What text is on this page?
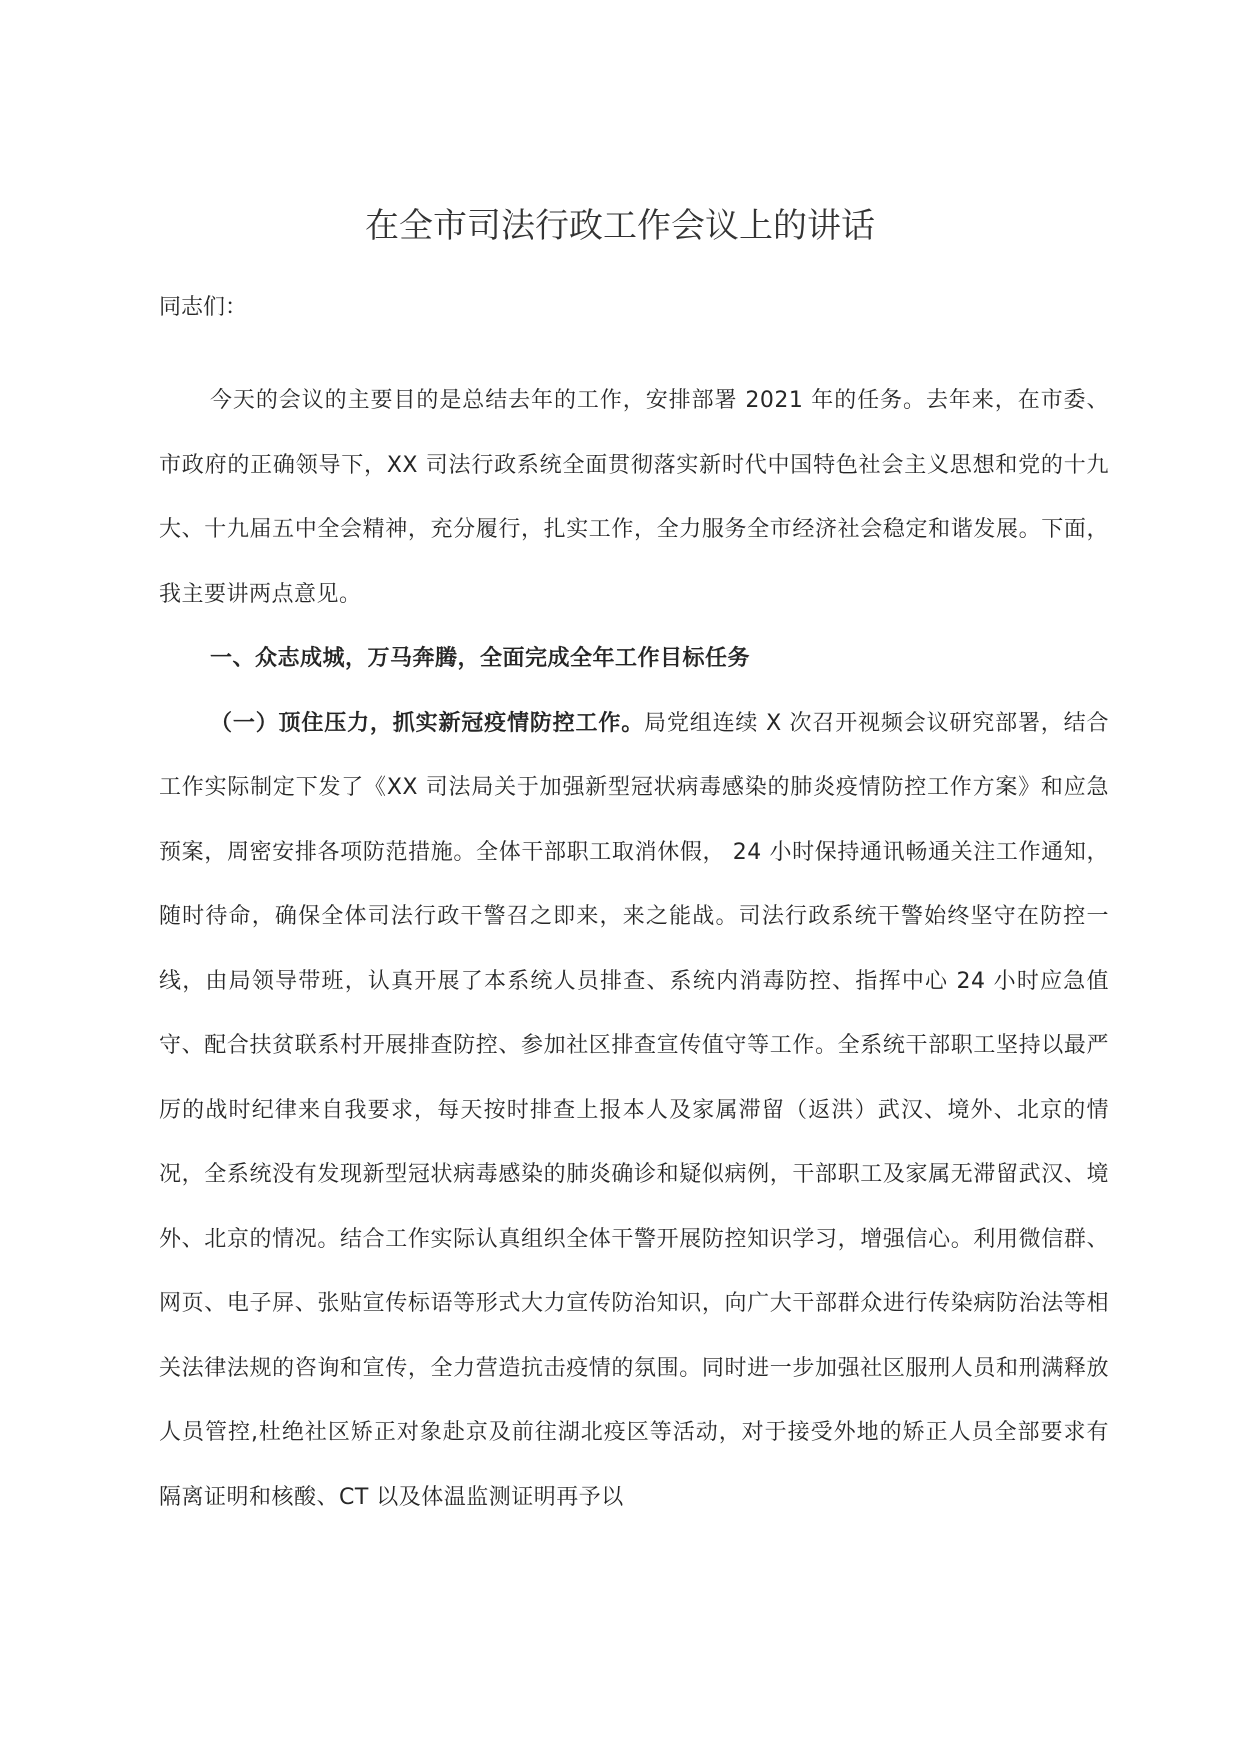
在全市司法行政工作会议上的讲话

同志们：

今天的会议的主要目的是总结去年的工作，安排部署 2021 年的任务。去年来，在市委、市政府的正确领导下，XX 司法行政系统全面贯彻落实新时代中国特色社会主义思想和党的十九大、十九届五中全会精神，充分履行，扎实工作，全力服务全市经济社会稳定和谐发展。下面，我主要讲两点意见。

一、众志成城，万马奔腾，全面完成全年工作目标任务

（一）顶住压力，抓实新冠疫情防控工作。局党组连续 X 次召开视频会议研究部署，结合工作实际制定下发了《XX 司法局关于加强新型冠状病毒感染的肺炎疫情防控工作方案》和应急预案，周密安排各项防范措施。全体干部职工取消休假， 24 小时保持通讯畅通关注工作通知，随时待命，确保全体司法行政干警召之即来，来之能战。司法行政系统干警始终坚守在防控一线，由局领导带班，认真开展了本系统人员排查、系统内消毒防控、指挥中心 24 小时应急值守、配合扶贫联系村开展排查防控、参加社区排查宣传值守等工作。全系统干部职工坚持以最严厉的战时纪律来自我要求，每天按时排查上报本人及家属滞留（返洪）武汉、境外、北京的情况，全系统没有发现新型冠状病毒感染的肺炎确诊和疑似病例，干部职工及家属无滞留武汉、境外、北京的情况。结合工作实际认真组织全体干警开展防控知识学习，增强信心。利用微信群、网页、电子屏、张贴宣传标语等形式大力宣传防治知识，向广大干部群众进行传染病防治法等相关法律法规的咨询和宣传，全力营造抗击疫情的氛围。同时进一步加强社区服刑人员和刑满释放人员管控,杜绝社区矫正对象赴京及前往湖北疫区等活动，对于接受外地的矫正人员全部要求有隔离证明和核酸、CT 以及体温监测证明再予以
